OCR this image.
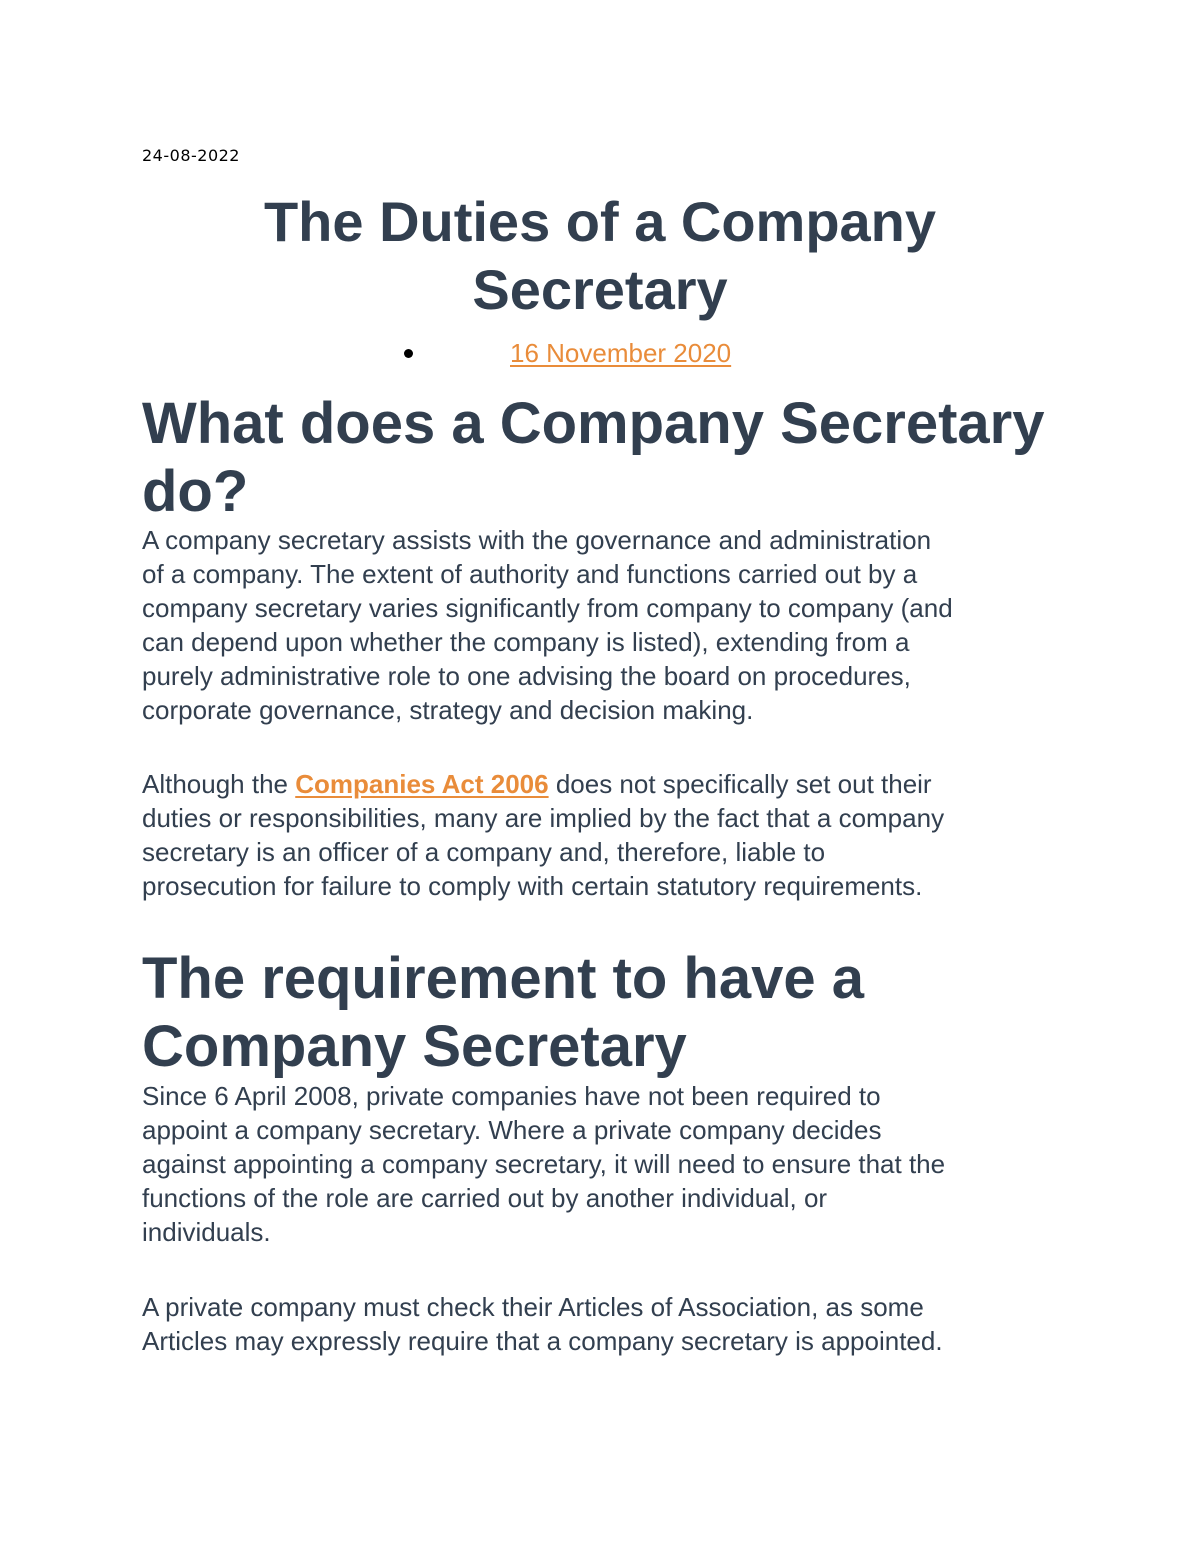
24-08-2022
The Duties of a Company
Secretary
16 November 2020
What does a Company Secretary
do?

A company secretary assists with the governance and administration
of a company. The extent of authority and functions carried out by a
company secretary varies significantly from company to company (and
can depend upon whether the company is listed), extending from a
purely administrative role to one advising the board on procedures,
corporate governance, strategy and decision making.

Although the Companies Act 2006 does not specifically set out their
duties or responsibilities, many are implied by the fact that a company
secretary is an officer of a company and, therefore, liable to
prosecution for failure to comply with certain statutory requirements.

The requirement to have a
Company Secretary

Since 6 April 2008, private companies have not been required to
appoint a company secretary. Where a private company decides
against appointing a company secretary, it will need to ensure that the
functions of the role are carried out by another individual, or
individuals.

A private company must check their Articles of Association, as some
Articles may expressly require that a company secretary is appointed.
